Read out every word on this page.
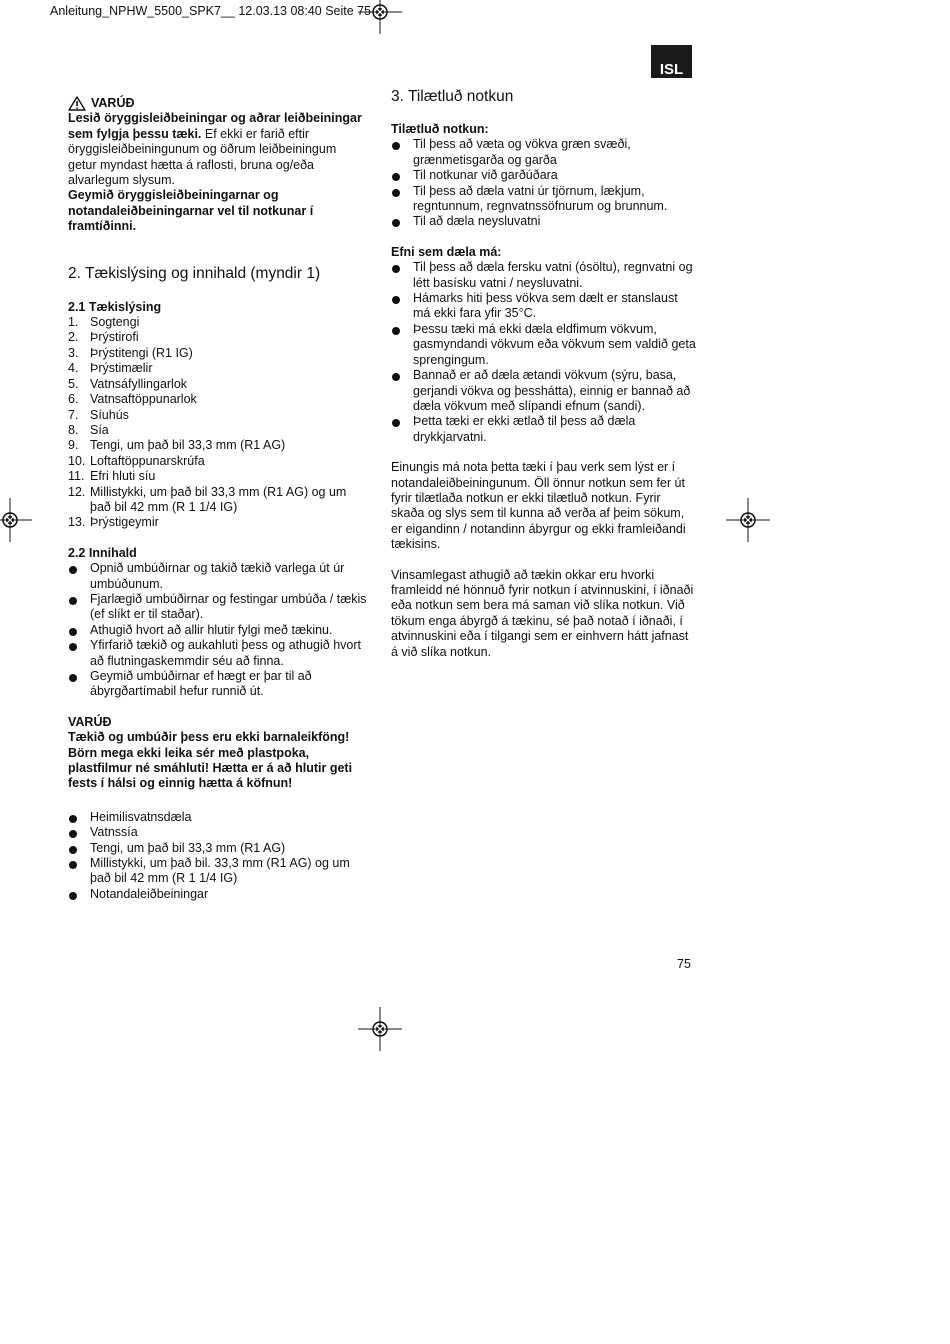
Anleitung_NPHW_5500_SPK7__ 12.03.13 08:40 Seite 75
ISL
VARÚÐ

Lesið öryggisleiðbeiningar og aðrar leiðbeiningar sem fylgja þessu tæki. Ef ekki er farið eftir öryggisleiðbeiningunum og öðrum leiðbeiningum getur myndast hætta á raflosti, bruna og/eða alvarlegum slysum.

Geymið öryggisleiðbeiningarnar og notandaleiðbeiningarnar vel til notkunar í framtíðinni.

2. Tækislýsing og innihald (myndir 1)
2.1 Tækislýsing
1. Sogtengi
2. Þrýstirofi
3. Þrýstitengi (R1 IG)
4. Þrýstimælir
5. Vatnsáfyllingarlok
6. Vatnsaftöppunarlok
7. Síuhús
8. Sía
9. Tengi, um það bil 33,3 mm (R1 AG)
10. Loftaftöppunarskrúfa
11. Efri hluti síu
12. Millistykki, um það bil 33,3 mm (R1 AG) og um það bil 42 mm (R 1 1/4 IG)
13. Þrýstigeymir
2.2 Innihald
Opnið umbúðirnar og takið tækið varlega út úr umbúðunum.
Fjarlægið umbúðirnar og festingar umbúða / tækis (ef slíkt er til staðar).
Athugið hvort að allir hlutir fylgi með tækinu.
Yfirfarið tækið og aukahluti þess og athugið hvort að flutningaskemmdir séu að finna.
Geymið umbúðirnar ef hægt er þar til að ábyrgðartímabil hefur runnið út.
VARÚÐ

Tækið og umbúðir þess eru ekki barnaleikföng! Börn mega ekki leika sér með plastpoka, plastfilmur né smáhluti! Hætta er á að hlutir geti fests í hálsi og einnig hætta á köfnun!

Heimilisvatnsdæla
Vatnssía
Tengi, um það bil 33,3 mm (R1 AG)
Millistykki, um það bil. 33,3 mm (R1 AG) og um það bil 42 mm (R 1 1/4 IG)
Notandaleiðbeiningar
3. Tilætluð notkun
Tilætluð notkun:
Til þess að væta og vökva græn svæði, grænmetisgarða og garða
Til notkunar við garðúðara
Til þess að dæla vatni úr tjörnum, lækjum, regntunnum, regnvatnssöfnurum og brunnum.
Til að dæla neysluvatni
Efni sem dæla má:
Til þess að dæla fersku vatni (ósöltu), regnvatni og létt basísku vatni / neysluvatni.
Hámarks hiti þess vökva sem dælt er stanslaust má ekki fara yfir 35°C.
Þessu tæki má ekki dæla eldfimum vökvum, gasmyndandi vökvum eða vökvum sem valdið geta sprengingum.
Bannað er að dæla ætandi vökvum (sýru, basa, gerjandi vökva og þesshátta), einnig er bannað að dæla vökvum með slípandi efnum (sandi).
Þetta tæki er ekki ætlað til þess að dæla drykkjarvatni.

Einungis má nota þetta tæki í þau verk sem lýst er í notandaleiðbeiningunum. Öll önnur notkun sem fer út fyrir tilætlaða notkun er ekki tilætluð notkun. Fyrir skaða og slys sem til kunna að verða af þeim sökum, er eigandinn / notandinn ábyrgur og ekki framleiðandi tækisins.

Vinsamlegast athugið að tækin okkar eru hvorki framleidd né hönnuð fyrir notkun í atvinnuskini, í iðnaði eða notkun sem bera má saman við slíka notkun. Við tökum enga ábyrgð á tækinu, sé það notað í iðnaði, í atvinnuskini eða í tilgangi sem er einhvern hátt jafnast á við slíka notkun.

75
